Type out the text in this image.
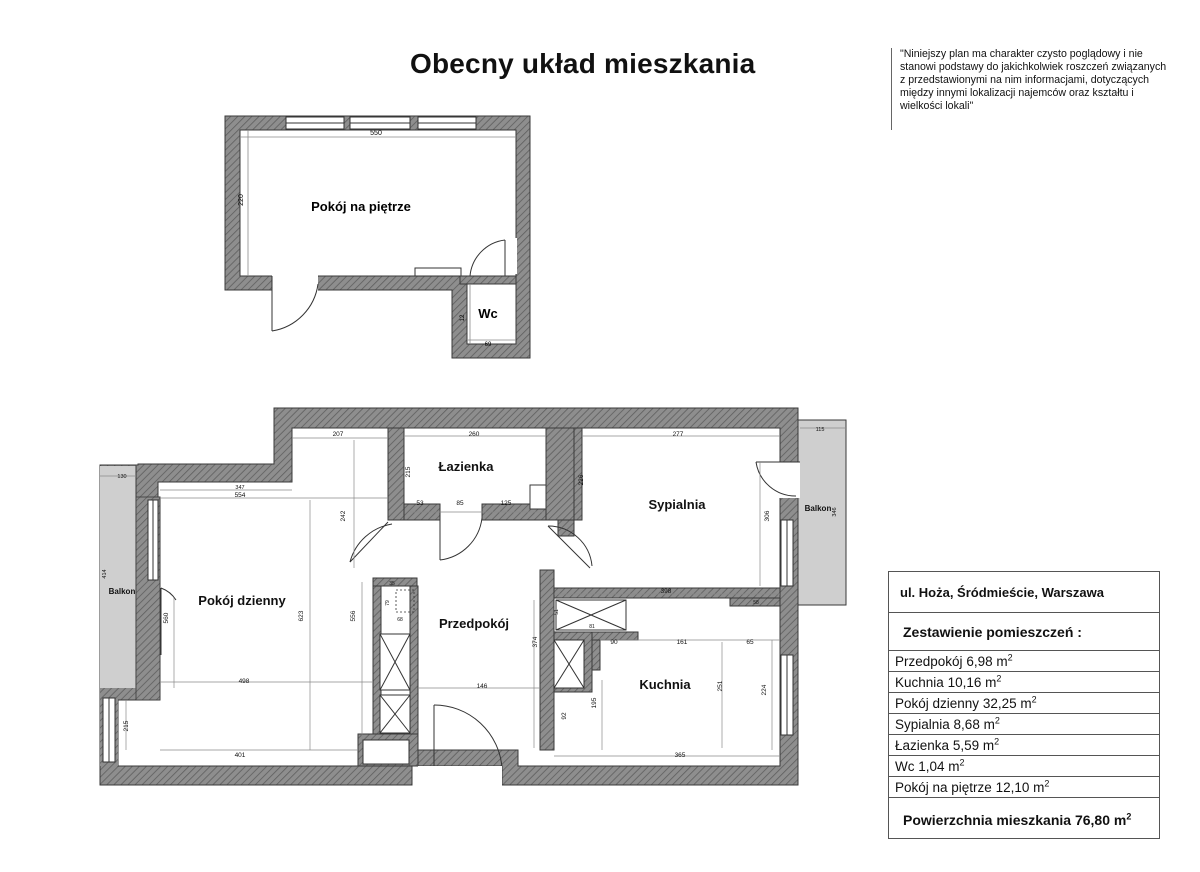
Obecny układ mieszkania	"Niniejszy plan ma charakter czysto poglądowy i nie stanowi podstawy do jakichkolwiek roszczeń związanych z przedstawionymi na nim informacjami, dotyczących między innymi lokalizacji najemców oraz kształtu i wielkości lokali"
550
220
12
69
Pokój na piętrze
Wc
207	260	277
115
130
347
554
215
226
242
53	85	125
306	346
414
560	623	556
35
79
68
398
58
51
81
90	161	65
374
498
146	251	224
195
92
215
401	365
Łazienka
Sypialnia
Pokój dzienny
Przedpokój
Kuchnia
Balkon
Balkon
ul. Hoża, Śródmieście, Warszawa
Zestawienie pomieszczeń :
Przedpokój 6,98 $m^2$
Kuchnia 10,16 $m^2$
Pokój dzienny 32,25 $m^2$
Sypialnia 8,68 $m^2$
Łazienka 5,59 $m^2$
Wc 1,04 $m^2$
Pokój na piętrze 12,10 $m^2$
Powierzchnia mieszkania 76,80 $m^2$
